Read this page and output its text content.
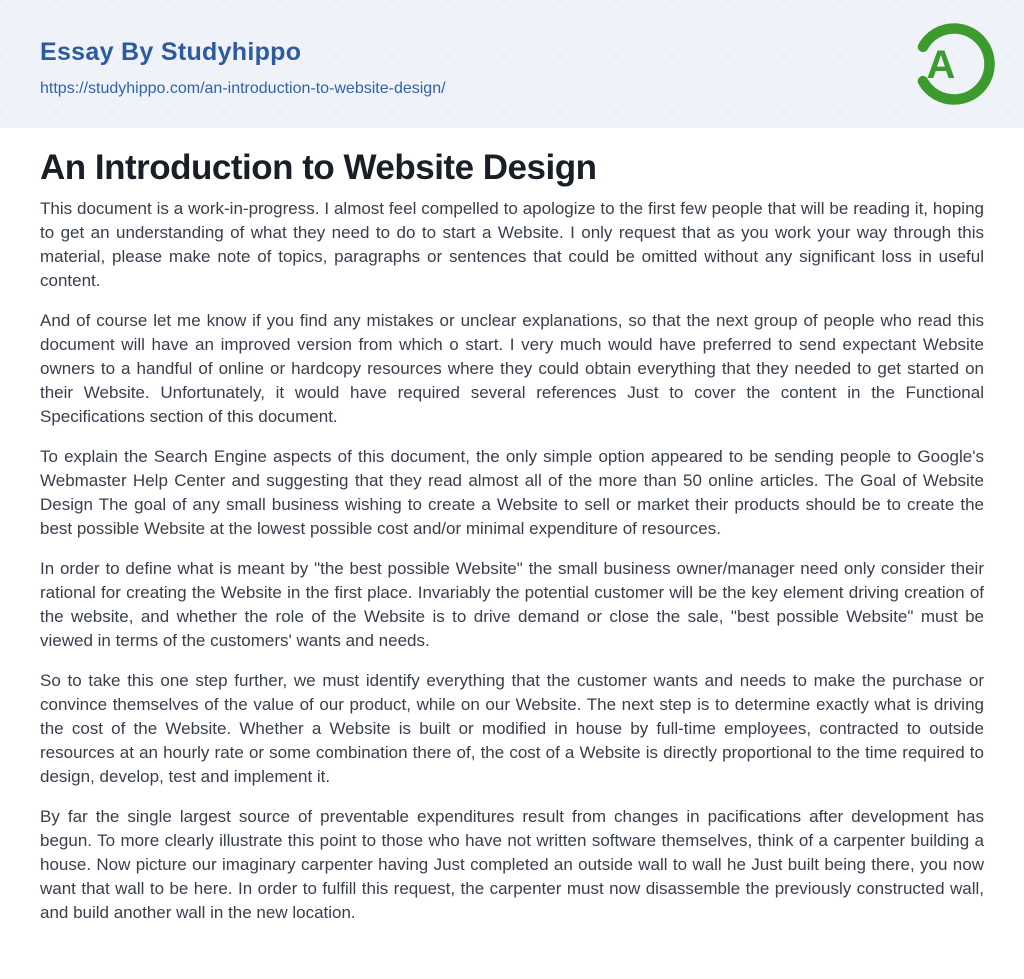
Essay By Studyhippo
https://studyhippo.com/an-introduction-to-website-design/
A
An Introduction to Website Design

This document is a work-in-progress. I almost feel compelled to apologize to the first few people that will be reading it, hoping to get an understanding of what they need to do to start a Website. I only request that as you work your way through this material, please make note of topics, paragraphs or sentences that could be omitted without any significant loss in useful content.

And of course let me know if you find any mistakes or unclear explanations, so that the next group of people who read this document will have an improved version from which o start. I very much would have preferred to send expectant Website owners to a handful of online or hardcopy resources where they could obtain everything that they needed to get started on their Website. Unfortunately, it would have required several references Just to cover the content in the Functional Specifications section of this document.

To explain the Search Engine aspects of this document, the only simple option appeared to be sending people to Google's Webmaster Help Center and suggesting that they read almost all of the more than 50 online articles. The Goal of Website Design The goal of any small business wishing to create a Website to sell or market their products should be to create the best possible Website at the lowest possible cost and/or minimal expenditure of resources.

In order to define what is meant by "the best possible Website" the small business owner/manager need only consider their rational for creating the Website in the first place. Invariably the potential customer will be the key element driving creation of the website, and whether the role of the Website is to drive demand or close the sale, "best possible Website" must be viewed in terms of the customers' wants and needs.

So to take this one step further, we must identify everything that the customer wants and needs to make the purchase or convince themselves of the value of our product, while on our Website. The next step is to determine exactly what is driving the cost of the Website. Whether a Website is built or modified in house by full-time employees, contracted to outside resources at an hourly rate or some combination there of, the cost of a Website is directly proportional to the time required to design, develop, test and implement it.

By far the single largest source of preventable expenditures result from changes in pacifications after development has begun. To more clearly illustrate this point to those who have not written software themselves, think of a carpenter building a house. Now picture our imaginary carpenter having Just completed an outside wall to wall he Just built being there, you now want that wall to be here. In order to fulfill this request, the carpenter must now disassemble the previously constructed wall, and build another wall in the new location.
